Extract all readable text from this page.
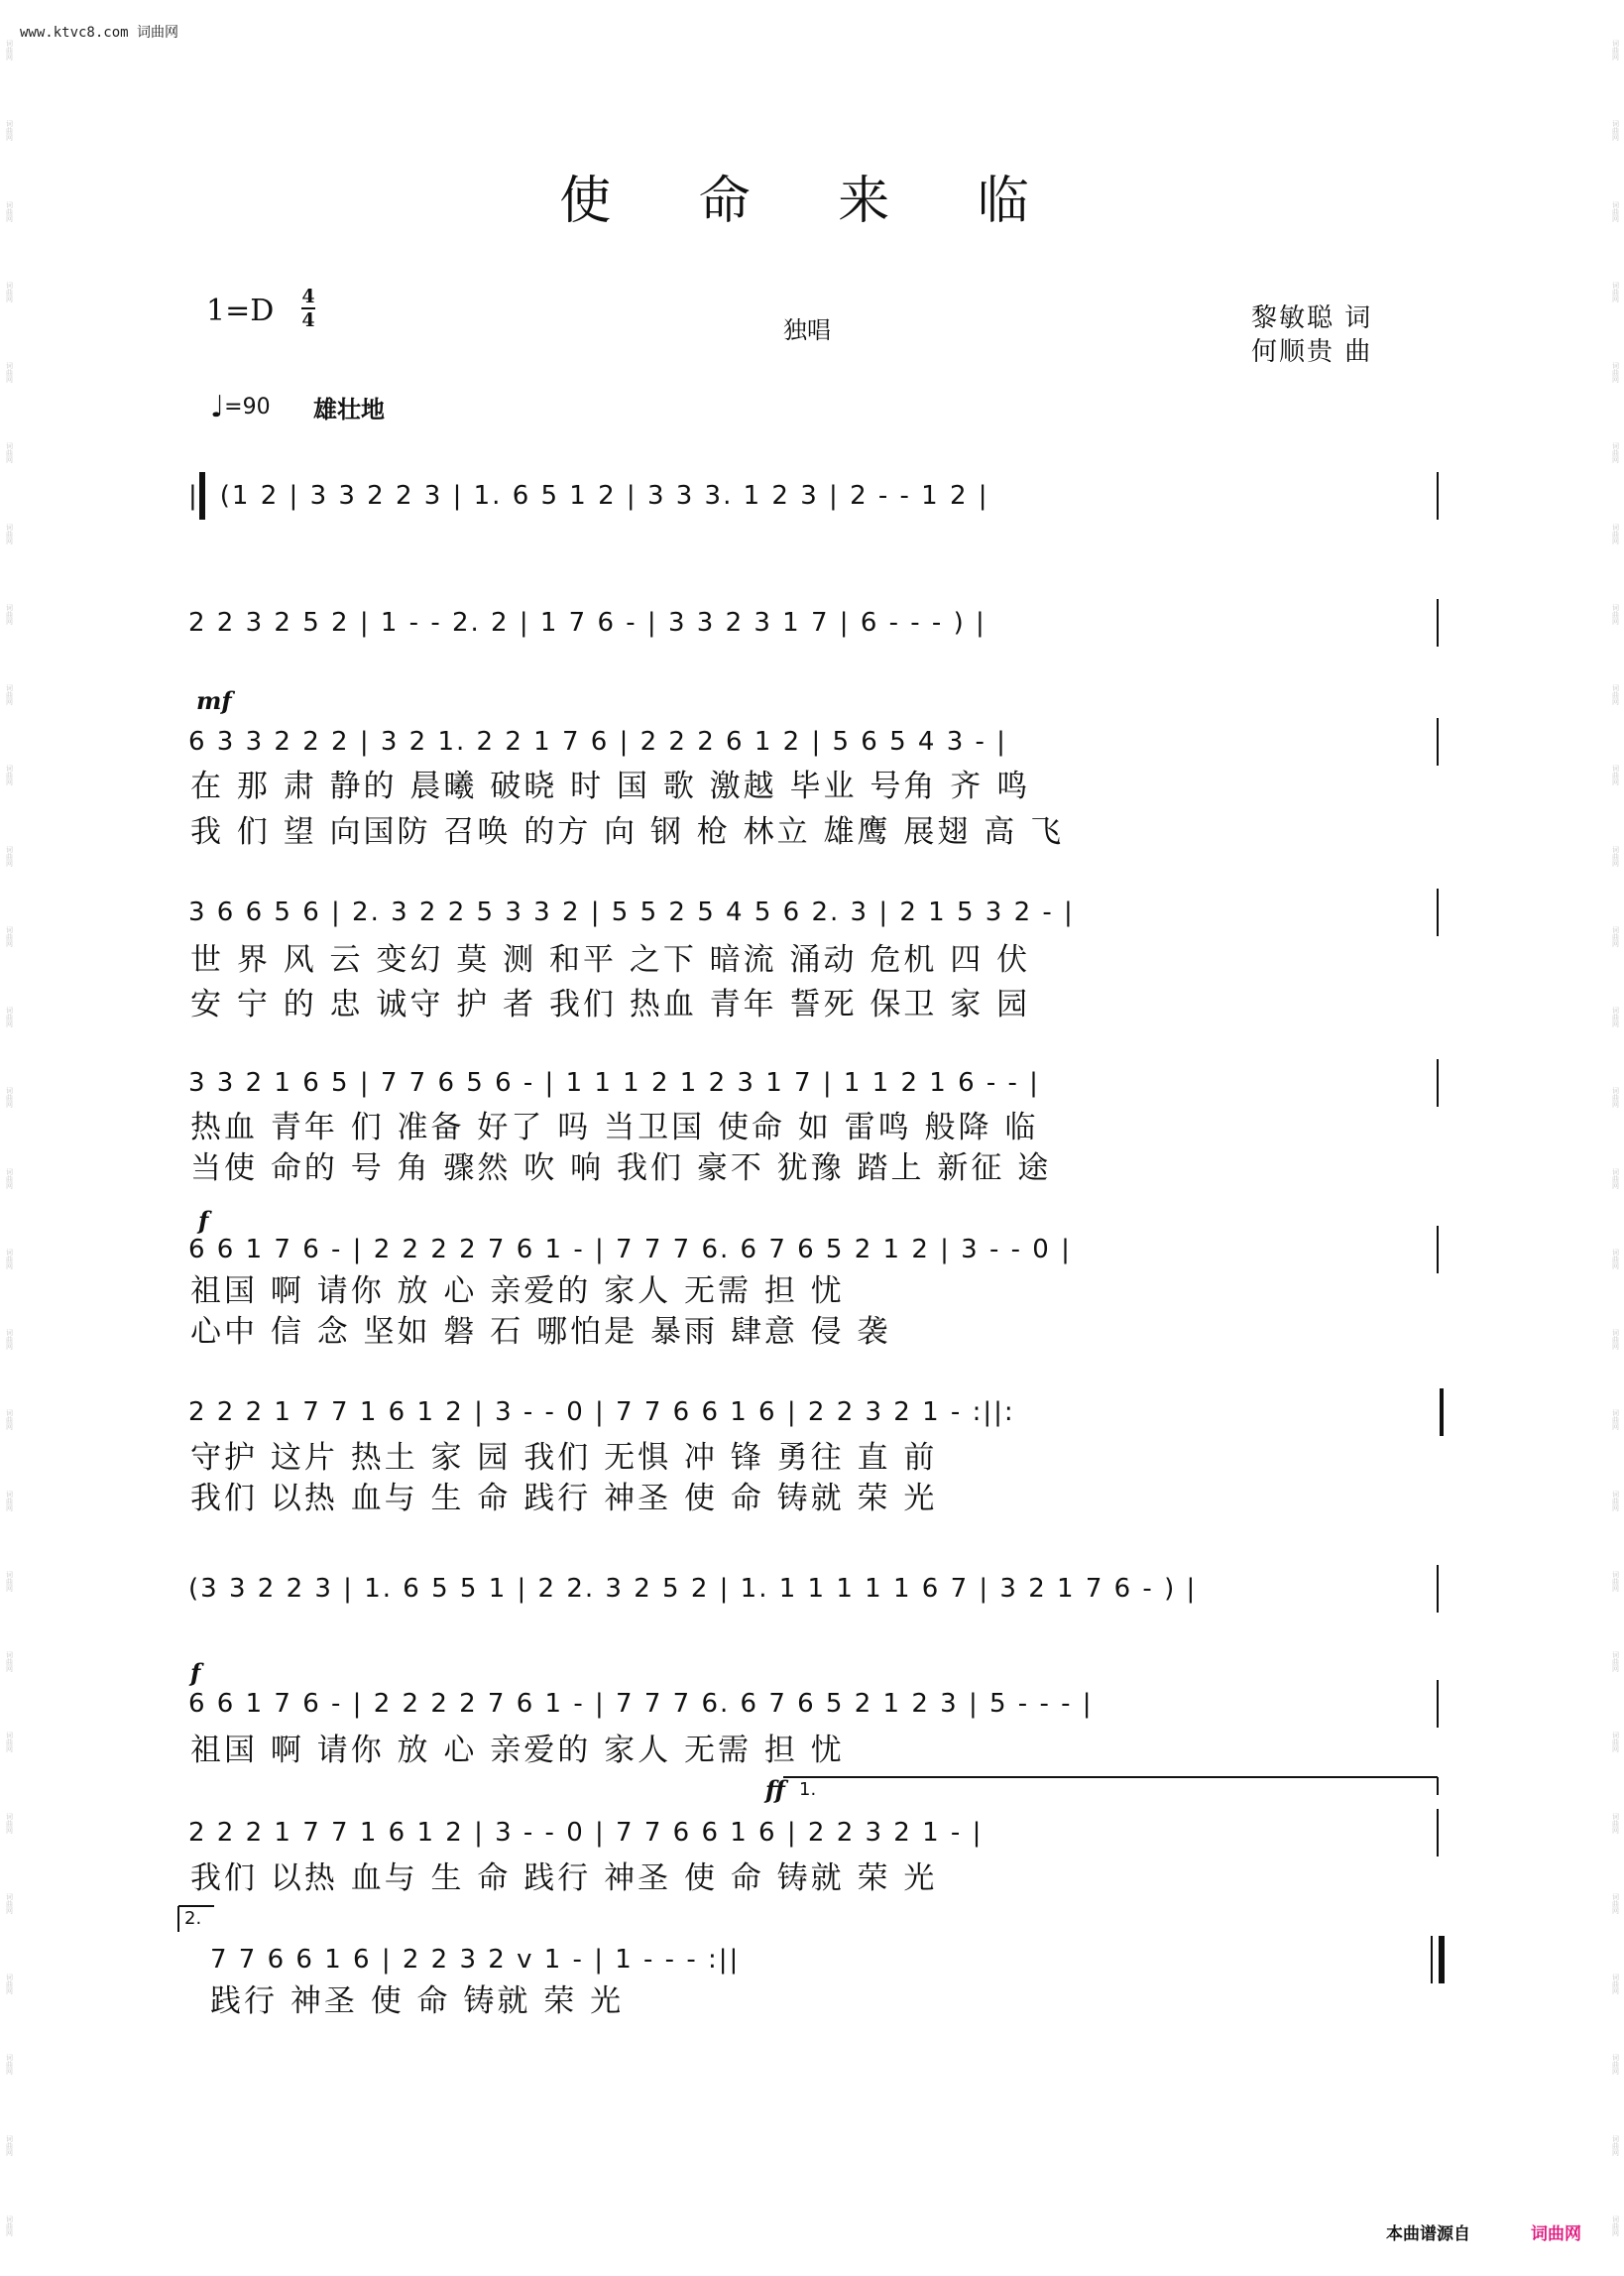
www.ktvc8.com 词曲网
词曲网
词曲网
词曲网
词曲网
词曲网
词曲网
词曲网
词曲网
词曲网
词曲网
词曲网
词曲网
词曲网
词曲网
词曲网
词曲网
词曲网
词曲网
词曲网
词曲网
词曲网
词曲网
词曲网
词曲网
词曲网
词曲网
词曲网
词曲网
词曲网
词曲网
词曲网
词曲网
词曲网
词曲网
词曲网
词曲网
词曲网
词曲网
词曲网
词曲网
词曲网
词曲网
词曲网
词曲网
词曲网
词曲网
词曲网
词曲网
词曲网
词曲网
词曲网
词曲网
词曲网
词曲网
词曲网
词曲网
使 命 来 临
1=D 4
4	独唱	黎敏聪 词
何顺贵 曲
♩=90 雄壮地
|: (1 2 | 3 3 2 2 3 | 1. 6 5 1 2 | 3 3 3. 1 2 3 | 2 - - 1 2 |
2 2 3 2 5 2 | 1 - - 2. 2 | 1 7 6 - | 3 3 2 3 1 7 | 6 - - - ) |
mf
6 3 3 2 2 2 | 3 2 1. 2 2 1 7 6 | 2 2 2 6 1 2 | 5 6 5 4 3 - |
在 那 肃 静的 晨曦 破晓 时 国 歌 激越 毕业 号角 齐 鸣
我 们 望 向国防 召唤 的方 向 钢 枪 林立 雄鹰 展翅 高 飞
3 6 6 5 6 | 2. 3 2 2 5 3 3 2 | 5 5 2 5 4 5 6 2. 3 | 2 1 5 3 2 - |
世 界 风 云 变幻 莫 测 和平 之下 暗流 涌动 危机 四 伏
安 宁 的 忠 诚守 护 者 我们 热血 青年 誓死 保卫 家 园
3 3 2 1 6 5 | 7 7 6 5 6 - | 1 1 1 2 1 2 3 1 7 | 1 1 2 1 6 - - |
热血 青年 们 准备 好了 吗 当卫国 使命 如 雷鸣 般降 临
当使 命的 号 角 骤然 吹 响 我们 豪不 犹豫 踏上 新征 途
f
6 6 1 7 6 - | 2 2 2 2 7 6 1 - | 7 7 7 6. 6 7 6 5 2 1 2 | 3 - - 0 |
祖国 啊 请你 放 心 亲爱的 家人 无需 担 忧
心中 信 念 坚如 磐 石 哪怕是 暴雨 肆意 侵 袭
2 2 2 1 7 7 1 6 1 2 | 3 - - 0 | 7 7 6 6 1 6 | 2 2 3 2 1 - :||:
守护 这片 热土 家 园 我们 无惧 冲 锋 勇往 直 前
我们 以热 血与 生 命 践行 神圣 使 命 铸就 荣 光
(3 3 2 2 3 | 1. 6 5 5 1 | 2 2. 3 2 5 2 | 1. 1 1 1 1 1 6 7 | 3 2 1 7 6 - ) |
f
6 6 1 7 6 - | 2 2 2 2 7 6 1 - | 7 7 7 6. 6 7 6 5 2 1 2 3 | 5 - - - |
祖国 啊 请你 放 心 亲爱的 家人 无需 担 忧
ff 1.
2 2 2 1 7 7 1 6 1 2 | 3 - - 0 | 7 7 6 6 1 6 | 2 2 3 2 1 - |
我们 以热 血与 生 命 践行 神圣 使 命 铸就 荣 光
2.
7 7 6 6 1 6 | 2 2 3 2 v 1 - | 1 - - - :||
践行 神圣 使 命 铸就 荣 光
本曲谱源自	词曲网
